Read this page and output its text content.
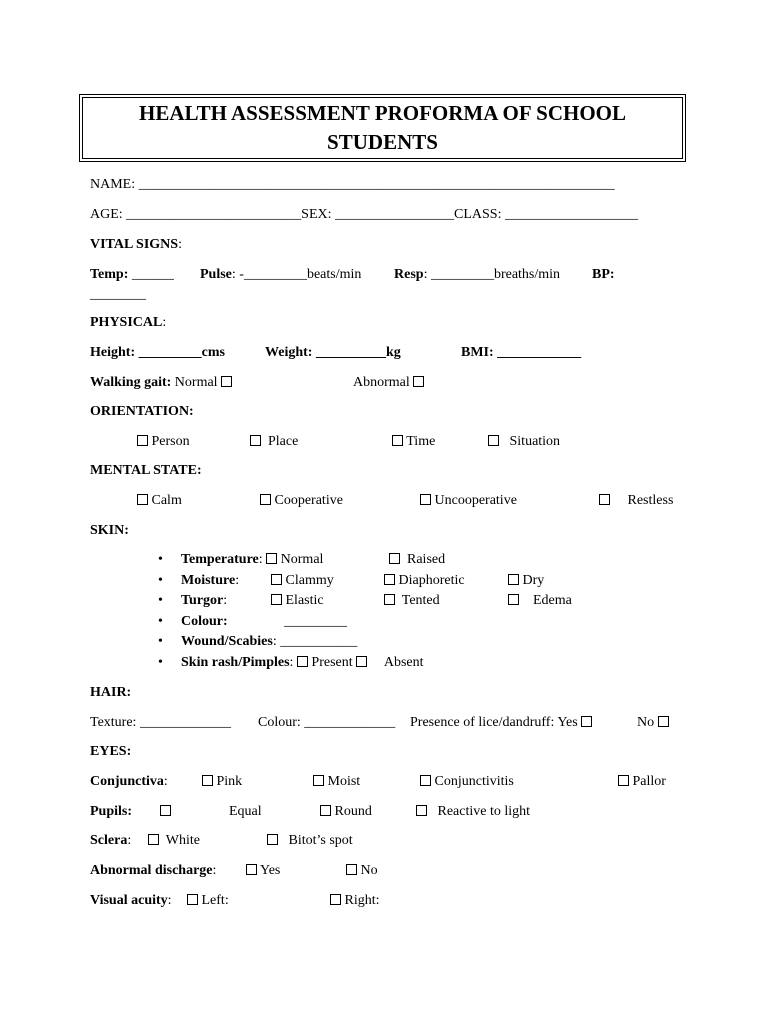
HEALTH ASSESSMENT PROFORMA OF SCHOOL STUDENTS
NAME: ____________________________________________________________________
AGE: _________________________SEX: _________________CLASS: ___________________
VITAL SIGNS:
Temp: ______ Pulse: -_________beats/min Resp: _________breaths/min BP:
________
PHYSICAL:
Height: _________cms	Weight: __________kg	BMI: ____________
Walking gait: Normal	Abnormal
ORIENTATION:
Person	Place	Time	Situation
MENTAL STATE:
Calm	Cooperative	Uncooperative	Restless
SKIN:
• Temperature: Normal	Raised
• Moisture:	Clammy	Diaphoretic	Dry
• Turgor:	Elastic	Tented	Edema
• Colour:	_________
• Wound/Scabies: ___________
• Skin rash/Pimples: Present Absent
HAIR:
Texture: _____________ Colour: _____________ Presence of lice/dandruff: Yes	No
EYES:
Conjunctiva:	Pink	Moist	Conjunctivitis	Pallor
Pupils:	Equal	Round	Reactive to light
Sclera:	White	Bitot’s spot
Abnormal discharge:	Yes	No
Visual acuity:	Left:	Right:
